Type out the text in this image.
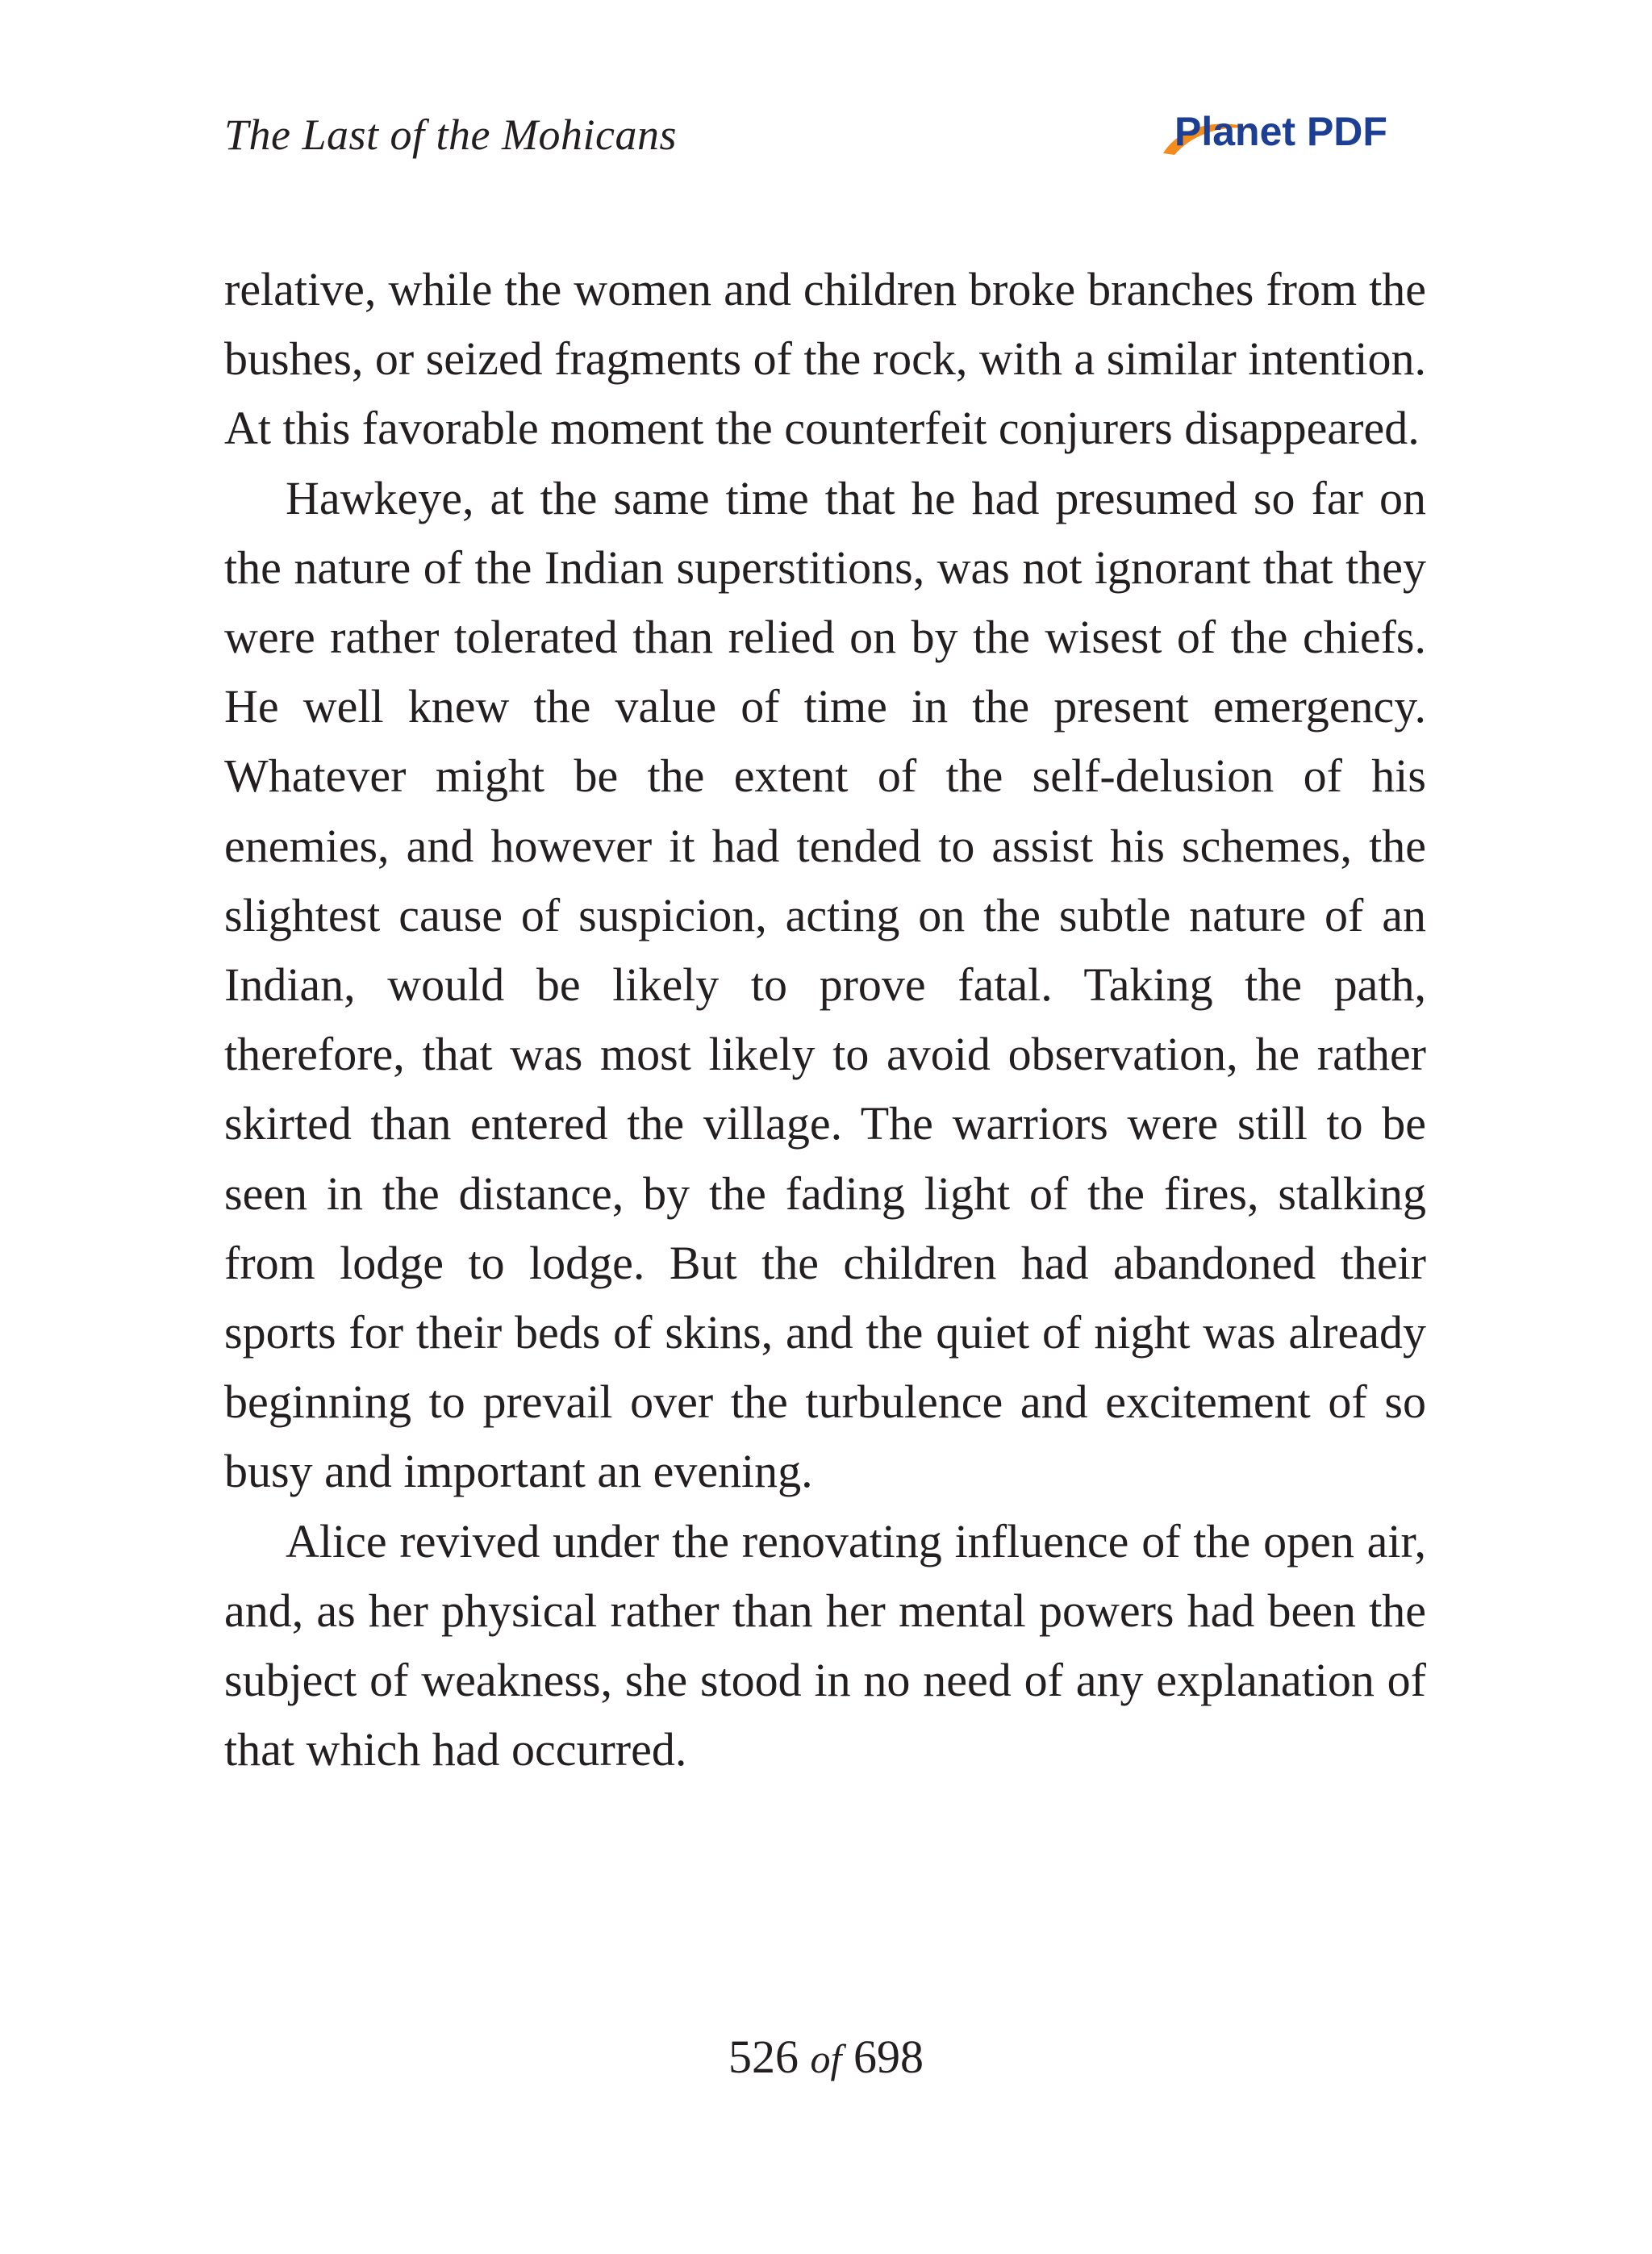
The Last of the Mohicans	Planet PDF

relative, while the women and children broke branches from the bushes, or seized fragments of the rock, with a similar intention. At this favorable moment the counterfeit conjurers disappeared.

Hawkeye, at the same time that he had presumed so far on the nature of the Indian superstitions, was not ignorant that they were rather tolerated than relied on by the wisest of the chiefs. He well knew the value of time in the present emergency. Whatever might be the extent of the self-delusion of his enemies, and however it had tended to assist his schemes, the slightest cause of suspicion, acting on the subtle nature of an Indian, would be likely to prove fatal. Taking the path, therefore, that was most likely to avoid observation, he rather skirted than entered the village. The warriors were still to be seen in the distance, by the fading light of the fires, stalking from lodge to lodge. But the children had abandoned their sports for their beds of skins, and the quiet of night was already beginning to prevail over the turbulence and excitement of so busy and important an evening.

Alice revived under the renovating influence of the open air, and, as her physical rather than her mental powers had been the subject of weakness, she stood in no need of any explanation of that which had occurred.

526 of 698
